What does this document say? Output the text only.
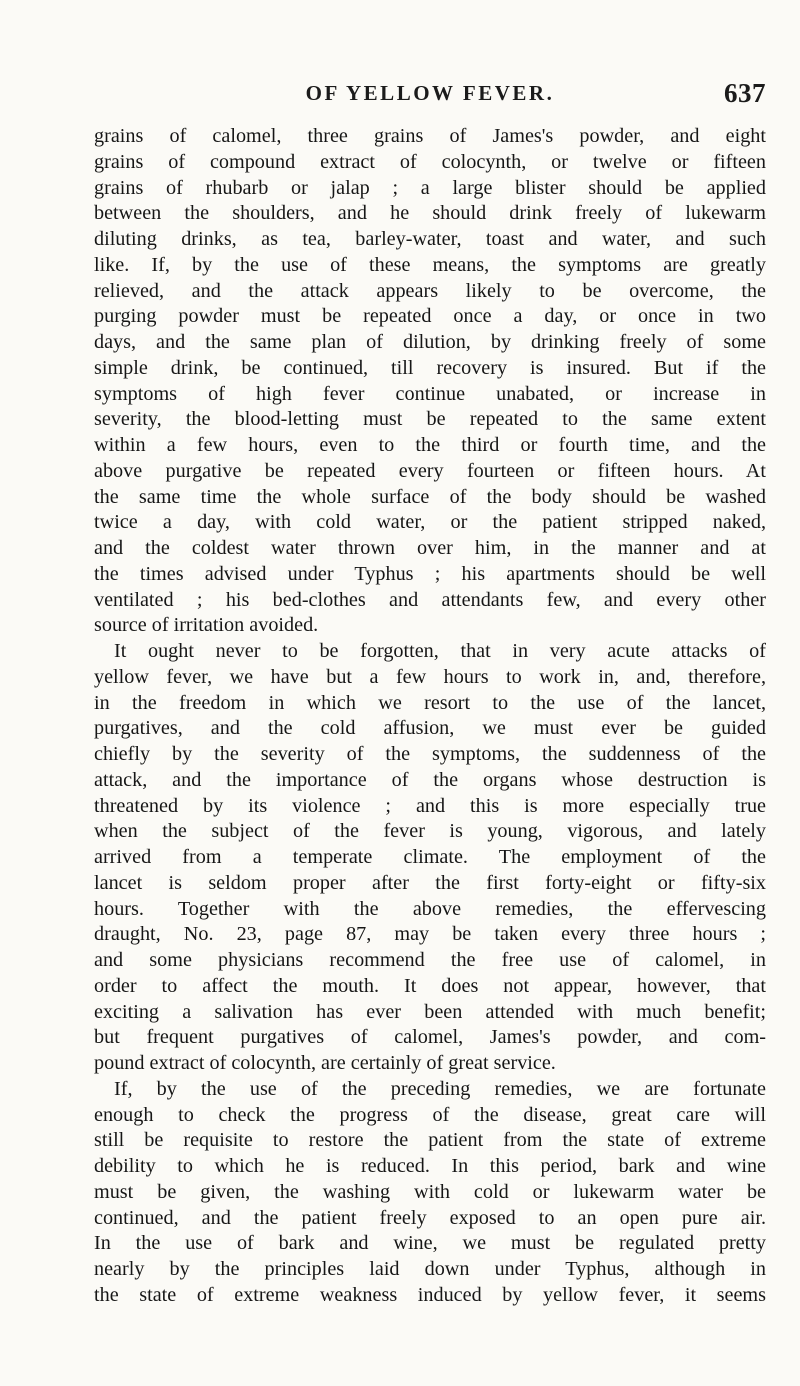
OF YELLOW FEVER.	637
grains of calomel, three grains of James's powder, and eight
grains of compound extract of colocynth, or twelve or fifteen
grains of rhubarb or jalap ; a large blister should be applied
between the shoulders, and he should drink freely of lukewarm
diluting drinks, as tea, barley-water, toast and water, and such
like. If, by the use of these means, the symptoms are greatly
relieved, and the attack appears likely to be overcome, the
purging powder must be repeated once a day, or once in two
days, and the same plan of dilution, by drinking freely of some
simple drink, be continued, till recovery is insured. But if the
symptoms of high fever continue unabated, or increase in
severity, the blood-letting must be repeated to the same extent
within a few hours, even to the third or fourth time, and the
above purgative be repeated every fourteen or fifteen hours. At
the same time the whole surface of the body should be washed
twice a day, with cold water, or the patient stripped naked,
and the coldest water thrown over him, in the manner and at
the times advised under Typhus ; his apartments should be well
ventilated ; his bed-clothes and attendants few, and every other
source of irritation avoided.
It ought never to be forgotten, that in very acute attacks of
yellow fever, we have but a few hours to work in, and, therefore,
in the freedom in which we resort to the use of the lancet,
purgatives, and the cold affusion, we must ever be guided
chiefly by the severity of the symptoms, the suddenness of the
attack, and the importance of the organs whose destruction is
threatened by its violence ; and this is more especially true
when the subject of the fever is young, vigorous, and lately
arrived from a temperate climate. The employment of the
lancet is seldom proper after the first forty-eight or fifty-six
hours. Together with the above remedies, the effervescing
draught, No. 23, page 87, may be taken every three hours ;
and some physicians recommend the free use of calomel, in
order to affect the mouth. It does not appear, however, that
exciting a salivation has ever been attended with much benefit;
but frequent purgatives of calomel, James's powder, and com-
pound extract of colocynth, are certainly of great service.
If, by the use of the preceding remedies, we are fortunate
enough to check the progress of the disease, great care will
still be requisite to restore the patient from the state of extreme
debility to which he is reduced. In this period, bark and wine
must be given, the washing with cold or lukewarm water be
continued, and the patient freely exposed to an open pure air.
In the use of bark and wine, we must be regulated pretty
nearly by the principles laid down under Typhus, although in
the state of extreme weakness induced by yellow fever, it seems
